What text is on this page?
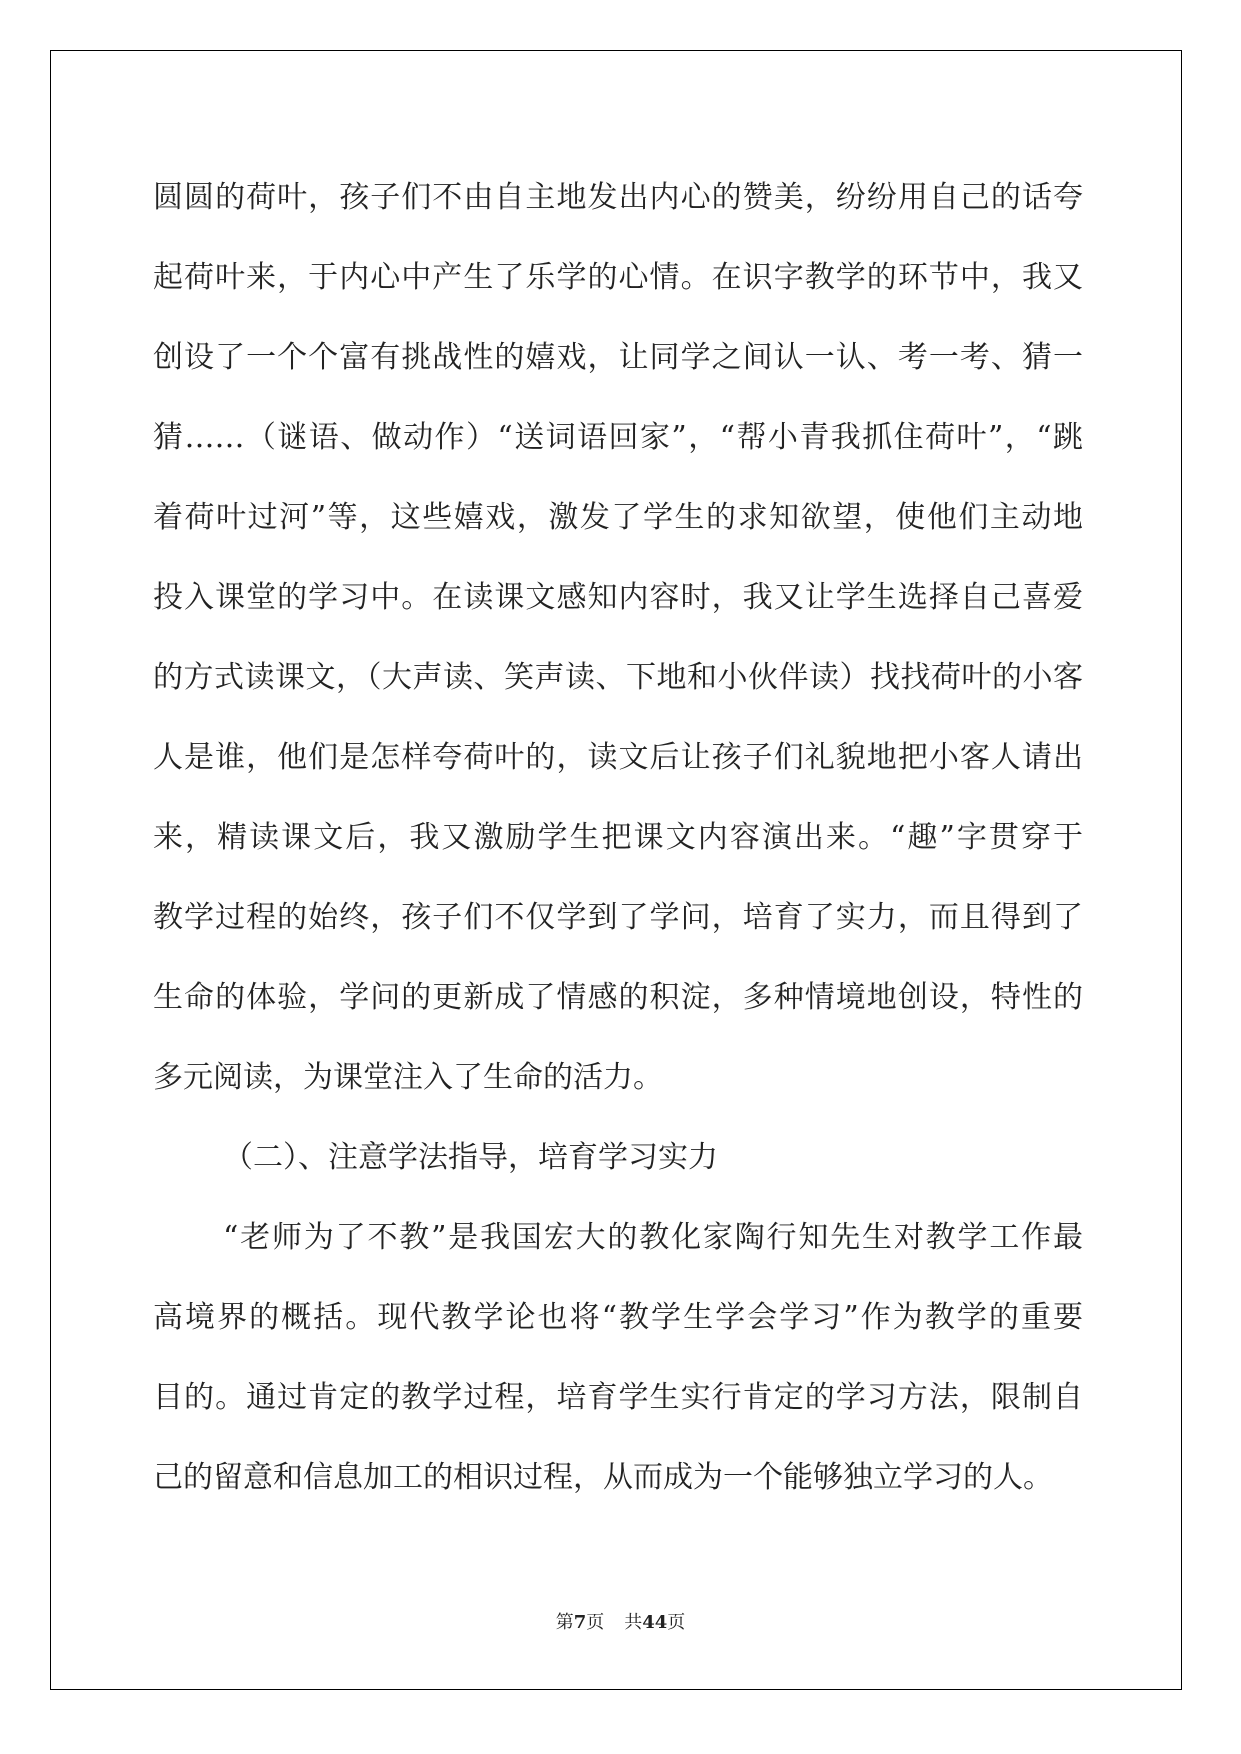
圆圆的荷叶，孩子们不由自主地发出内心的赞美，纷纷用自己的话夸
起荷叶来，于内心中产生了乐学的心情。在识字教学的环节中，我又
创设了一个个富有挑战性的嬉戏，让同学之间认一认、考一考、猜一
猜……（谜语、做动作）“送词语回家”，“帮小青我抓住荷叶”，“跳
着荷叶过河”等，这些嬉戏，激发了学生的求知欲望，使他们主动地
投入课堂的学习中。在读课文感知内容时，我又让学生选择自己喜爱
的方式读课文，（大声读、笑声读、下地和小伙伴读）找找荷叶的小客
人是谁，他们是怎样夸荷叶的，读文后让孩子们礼貌地把小客人请出
来，精读课文后，我又激励学生把课文内容演出来。“趣”字贯穿于
教学过程的始终，孩子们不仅学到了学问，培育了实力，而且得到了
生命的体验，学问的更新成了情感的积淀，多种情境地创设，特性的
多元阅读，为课堂注入了生命的活力。
（二）、注意学法指导，培育学习实力
“老师为了不教”是我国宏大的教化家陶行知先生对教学工作最
高境界的概括。现代教学论也将“教学生学会学习”作为教学的重要
目的。通过肯定的教学过程，培育学生实行肯定的学习方法，限制自
己的留意和信息加工的相识过程，从而成为一个能够独立学习的人。
第7页 共44页
